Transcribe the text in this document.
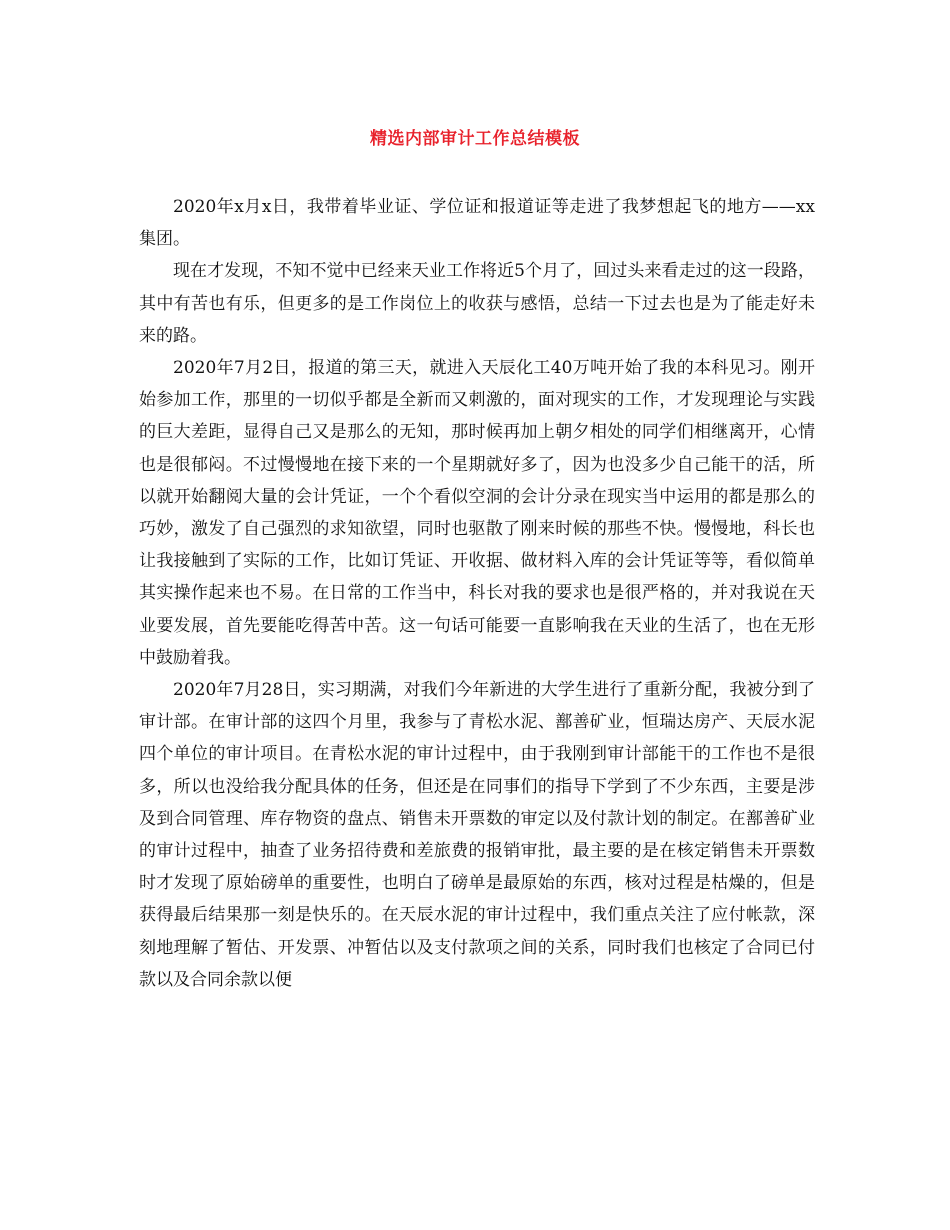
精选内部审计工作总结模板

2020年x月x日，我带着毕业证、学位证和报道证等走进了我梦想起飞的地方——xx集团。

现在才发现，不知不觉中已经来天业工作将近5个月了，回过头来看走过的这一段路，其中有苦也有乐，但更多的是工作岗位上的收获与感悟，总结一下过去也是为了能走好未来的路。

2020年7月2日，报道的第三天，就进入天辰化工40万吨开始了我的本科见习。刚开始参加工作，那里的一切似乎都是全新而又刺激的，面对现实的工作，才发现理论与实践的巨大差距，显得自己又是那么的无知，那时候再加上朝夕相处的同学们相继离开，心情也是很郁闷。不过慢慢地在接下来的一个星期就好多了，因为也没多少自己能干的活，所以就开始翻阅大量的会计凭证，一个个看似空洞的会计分录在现实当中运用的都是那么的巧妙，激发了自己强烈的求知欲望，同时也驱散了刚来时候的那些不快。慢慢地，科长也让我接触到了实际的工作，比如订凭证、开收据、做材料入库的会计凭证等等，看似简单其实操作起来也不易。在日常的工作当中，科长对我的要求也是很严格的，并对我说在天业要发展，首先要能吃得苦中苦。这一句话可能要一直影响我在天业的生活了，也在无形中鼓励着我。

2020年7月28日，实习期满，对我们今年新进的大学生进行了重新分配，我被分到了审计部。在审计部的这四个月里，我参与了青松水泥、鄯善矿业，恒瑞达房产、天辰水泥四个单位的审计项目。在青松水泥的审计过程中，由于我刚到审计部能干的工作也不是很多，所以也没给我分配具体的任务，但还是在同事们的指导下学到了不少东西，主要是涉及到合同管理、库存物资的盘点、销售未开票数的审定以及付款计划的制定。在鄯善矿业的审计过程中，抽查了业务招待费和差旅费的报销审批，最主要的是在核定销售未开票数时才发现了原始磅单的重要性，也明白了磅单是最原始的东西，核对过程是枯燥的，但是获得最后结果那一刻是快乐的。在天辰水泥的审计过程中，我们重点关注了应付帐款，深刻地理解了暂估、开发票、冲暂估以及支付款项之间的关系，同时我们也核定了合同已付款以及合同余款以便
